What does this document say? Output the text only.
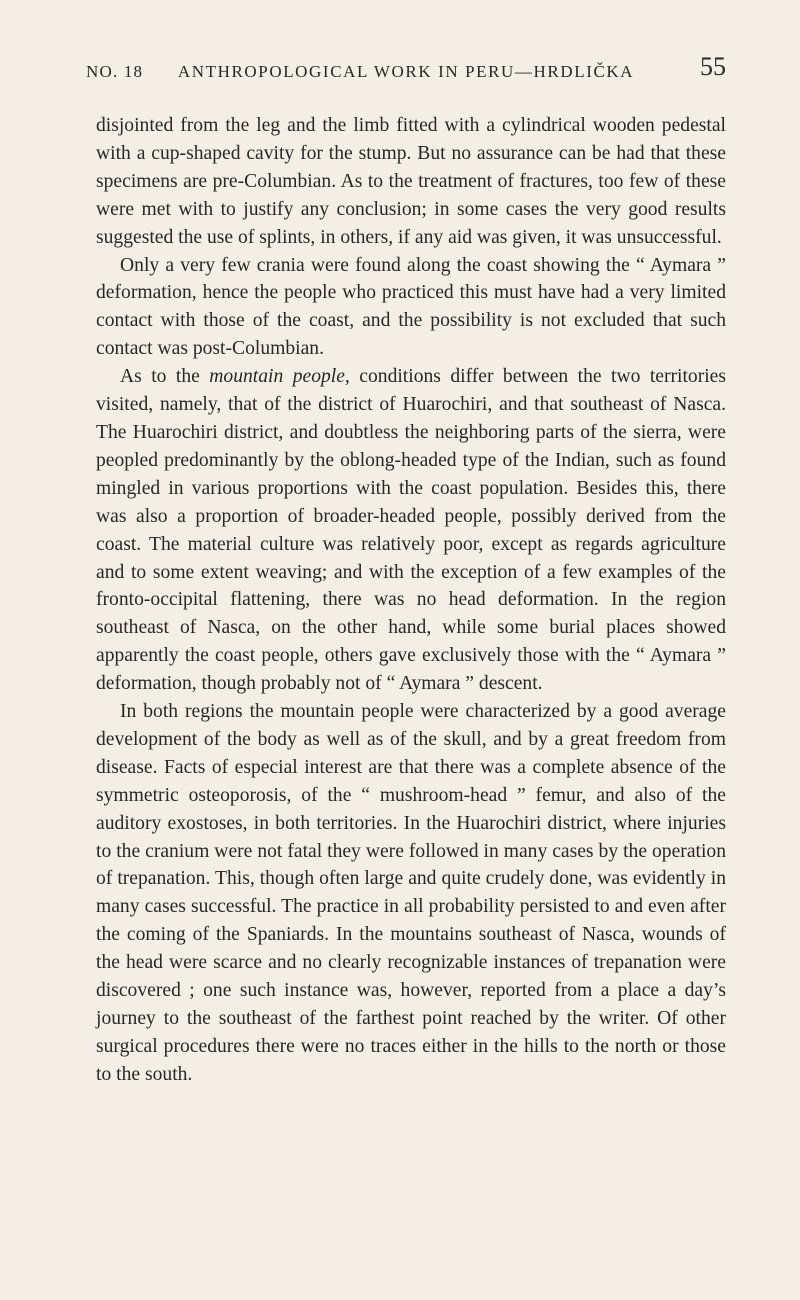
NO. 18	ANTHROPOLOGICAL WORK IN PERU—HRDLIČKA	55

disjointed from the leg and the limb fitted with a cylindrical wooden pedestal with a cup-shaped cavity for the stump. But no assurance can be had that these specimens are pre-Columbian. As to the treatment of fractures, too few of these were met with to justify any conclusion; in some cases the very good results suggested the use of splints, in others, if any aid was given, it was unsuccessful.

Only a very few crania were found along the coast showing the “ Aymara ” deformation, hence the people who practiced this must have had a very limited contact with those of the coast, and the possibility is not excluded that such contact was post-Columbian.

As to the mountain people, conditions differ between the two territories visited, namely, that of the district of Huarochiri, and that southeast of Nasca. The Huarochiri district, and doubtless the neighboring parts of the sierra, were peopled predominantly by the oblong-headed type of the Indian, such as found mingled in various proportions with the coast population. Besides this, there was also a proportion of broader-headed people, possibly derived from the coast. The material culture was relatively poor, except as regards agriculture and to some extent weaving; and with the exception of a few examples of the fronto-occipital flattening, there was no head deformation. In the region southeast of Nasca, on the other hand, while some burial places showed apparently the coast people, others gave exclusively those with the “ Aymara ” deformation, though probably not of “ Aymara ” descent.

In both regions the mountain people were characterized by a good average development of the body as well as of the skull, and by a great freedom from disease. Facts of especial interest are that there was a complete absence of the symmetric osteoporosis, of the “ mushroom-head ” femur, and also of the auditory exostoses, in both territories. In the Huarochiri district, where injuries to the cranium were not fatal they were followed in many cases by the operation of trepanation. This, though often large and quite crudely done, was evidently in many cases successful. The practice in all probability persisted to and even after the coming of the Spaniards. In the mountains southeast of Nasca, wounds of the head were scarce and no clearly recognizable instances of trepanation were discovered ; one such instance was, however, reported from a place a day’s journey to the southeast of the farthest point reached by the writer. Of other surgical procedures there were no traces either in the hills to the north or those to the south.
